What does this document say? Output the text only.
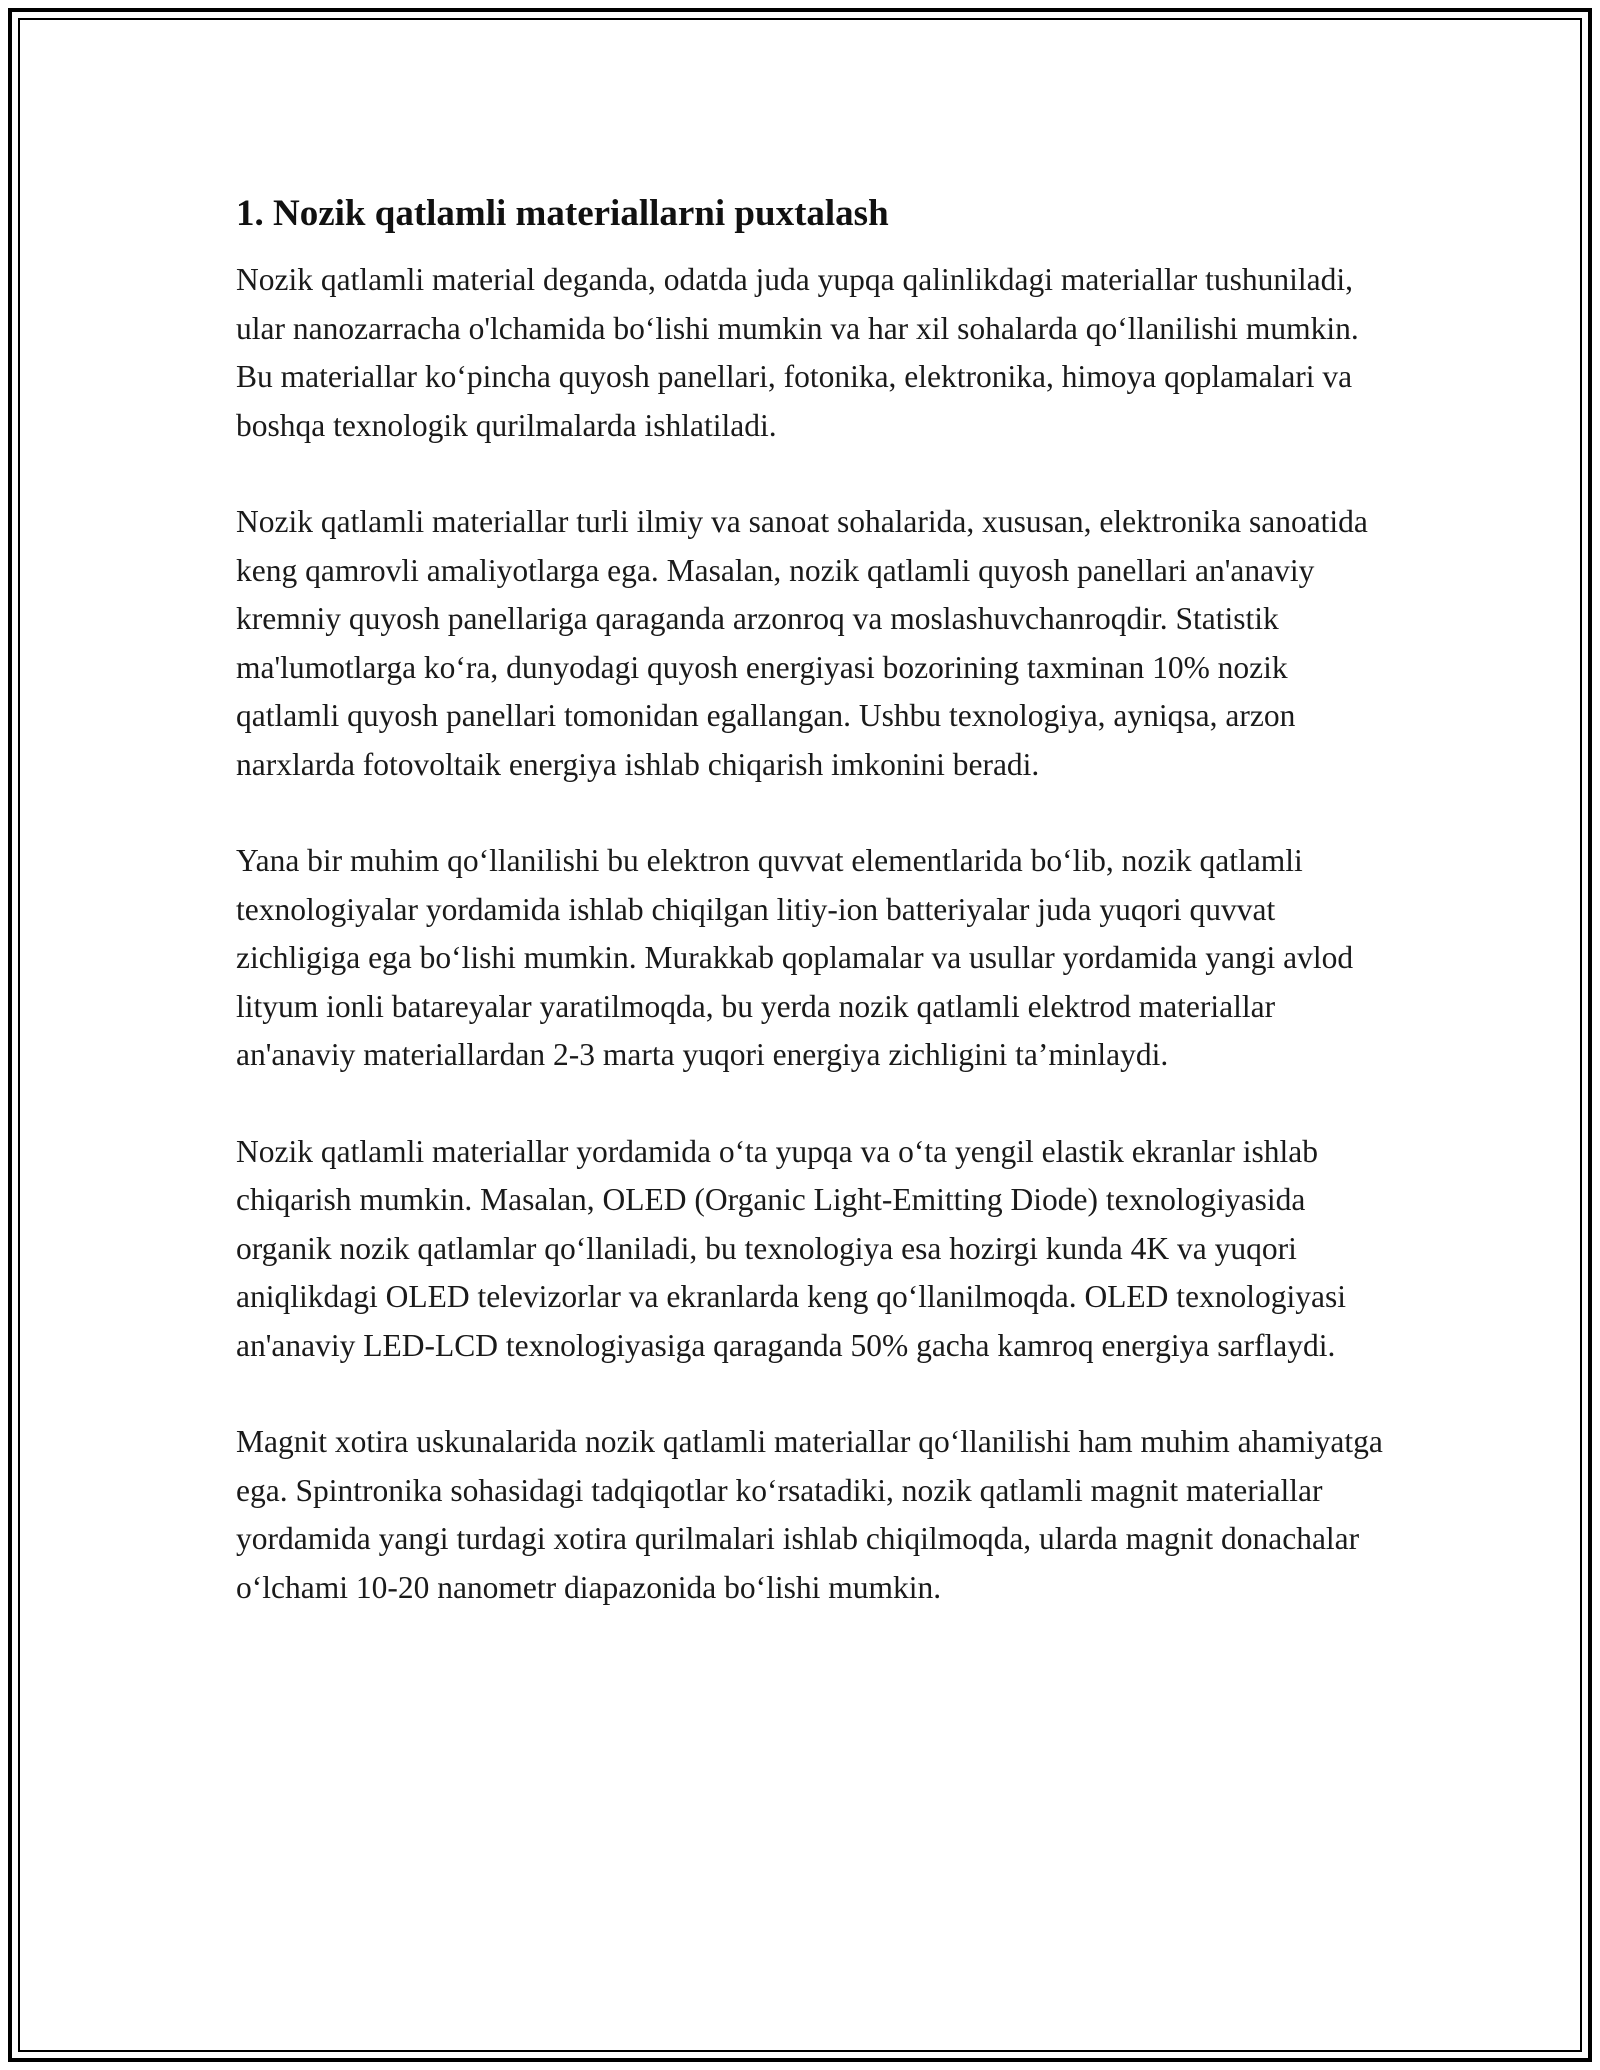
1. Nozik qatlamli materiallarni puxtalash

Nozik qatlamli material deganda, odatda juda yupqa qalinlikdagi materiallar tushuniladi, ular nanozarracha o'lchamida bo‘lishi mumkin va har xil sohalarda qo‘llanilishi mumkin. Bu materiallar ko‘pincha quyosh panellari, fotonika, elektronika, himoya qoplamalari va boshqa texnologik qurilmalarda ishlatiladi.

Nozik qatlamli materiallar turli ilmiy va sanoat sohalarida, xususan, elektronika sanoatida keng qamrovli amaliyotlarga ega. Masalan, nozik qatlamli quyosh panellari an'anaviy kremniy quyosh panellariga qaraganda arzonroq va moslashuvchanroqdir. Statistik ma'lumotlarga ko‘ra, dunyodagi quyosh energiyasi bozorining taxminan 10% nozik qatlamli quyosh panellari tomonidan egallangan. Ushbu texnologiya, ayniqsa, arzon narxlarda fotovoltaik energiya ishlab chiqarish imkonini beradi.

Yana bir muhim qo‘llanilishi bu elektron quvvat elementlarida bo‘lib, nozik qatlamli texnologiyalar yordamida ishlab chiqilgan litiy-ion batteriyalar juda yuqori quvvat zichligiga ega bo‘lishi mumkin. Murakkab qoplamalar va usullar yordamida yangi avlod lityum ionli batareyalar yaratilmoqda, bu yerda nozik qatlamli elektrod materiallar an'anaviy materiallardan 2-3 marta yuqori energiya zichligini ta’minlaydi.

Nozik qatlamli materiallar yordamida o‘ta yupqa va o‘ta yengil elastik ekranlar ishlab chiqarish mumkin. Masalan, OLED (Organic Light-Emitting Diode) texnologiyasida organik nozik qatlamlar qo‘llaniladi, bu texnologiya esa hozirgi kunda 4K va yuqori aniqlikdagi OLED televizorlar va ekranlarda keng qo‘llanilmoqda. OLED texnologiyasi an'anaviy LED-LCD texnologiyasiga qaraganda 50% gacha kamroq energiya sarflaydi.

Magnit xotira uskunalarida nozik qatlamli materiallar qo‘llanilishi ham muhim ahamiyatga ega. Spintronika sohasidagi tadqiqotlar ko‘rsatadiki, nozik qatlamli magnit materiallar yordamida yangi turdagi xotira qurilmalari ishlab chiqilmoqda, ularda magnit donachalar o‘lchami 10-20 nanometr diapazonida bo‘lishi mumkin.
